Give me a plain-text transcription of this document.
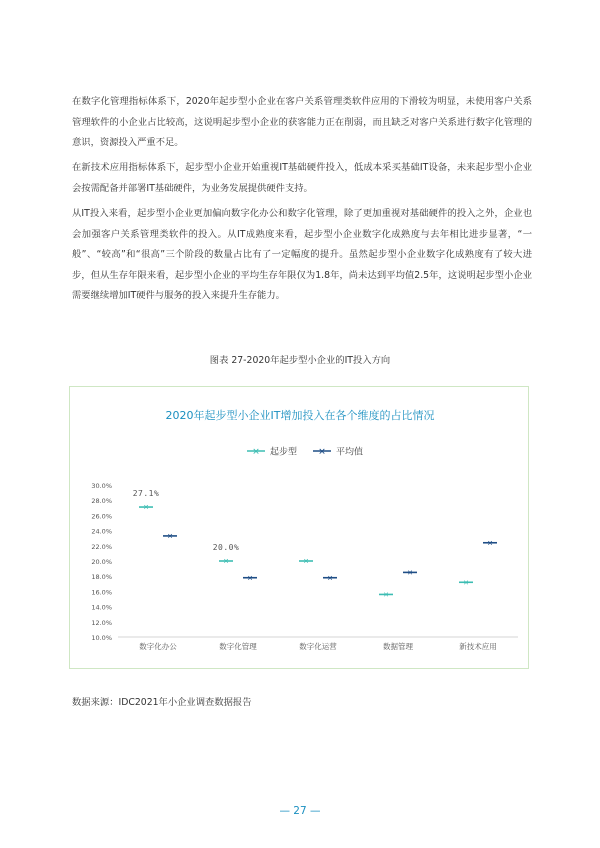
在数字化管理指标体系下，2020年起步型小企业在客户关系管理类软件应用的下滑较为明显，未使用客户关系管理软件的小企业占比较高，这说明起步型小企业的获客能力正在削弱，而且缺乏对客户关系进行数字化管理的意识，资源投入严重不足。

在新技术应用指标体系下，起步型小企业开始重视IT基础硬件投入，低成本采买基础IT设备，未来起步型小企业会按需配备并部署IT基础硬件，为业务发展提供硬件支持。

从IT投入来看，起步型小企业更加偏向数字化办公和数字化管理，除了更加重视对基础硬件的投入之外，企业也会加强客户关系管理类软件的投入。从IT成熟度来看，起步型小企业数字化成熟度与去年相比进步显著，“一般”、“较高”和“很高”三个阶段的数量占比有了一定幅度的提升。虽然起步型小企业数字化成熟度有了较大进步，但从生存年限来看，起步型小企业的平均生存年限仅为1.8年，尚未达到平均值2.5年，这说明起步型小企业需要继续增加IT硬件与服务的投入来提升生存能力。

图表 27-2020年起步型小企业的IT投入方向
2020年起步型小企业IT增加投入在各个维度的占比情况
✕ 起步型 ✕ 平均值
10.0%
12.0%
14.0%
16.0%
18.0%
20.0%
22.0%
24.0%
26.0%
28.0%
30.0%
数字化办公	数字化管理	数字化运营	数据管理	新技术应用
✕
✕	✕
✕
✕
✕
✕	✕
✕
✕
27.1%
20.0%
数据来源：IDC2021年小企业调查数据报告
— 27 —
